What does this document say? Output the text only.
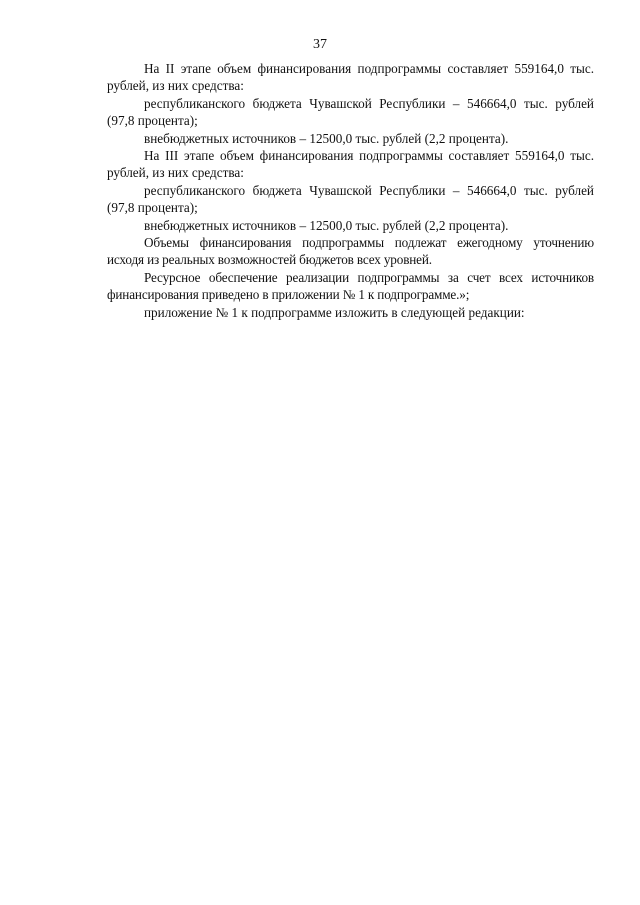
37

На II этапе объем финансирования подпрограммы составляет 559164,0 тыс. рублей, из них средства:

республиканского бюджета Чувашской Республики – 546664,0 тыс. рублей (97,8 процента);

внебюджетных источников – 12500,0 тыс. рублей (2,2 процента).

На III этапе объем финансирования подпрограммы составляет 559164,0 тыс. рублей, из них средства:

республиканского бюджета Чувашской Республики – 546664,0 тыс. рублей (97,8 процента);

внебюджетных источников – 12500,0 тыс. рублей (2,2 процента).

Объемы финансирования подпрограммы подлежат ежегодному уточнению исходя из реальных возможностей бюджетов всех уровней.

Ресурсное обеспечение реализации подпрограммы за счет всех источников финансирования приведено в приложении № 1 к подпрограмме.»;

приложение № 1 к подпрограмме изложить в следующей редакции:
